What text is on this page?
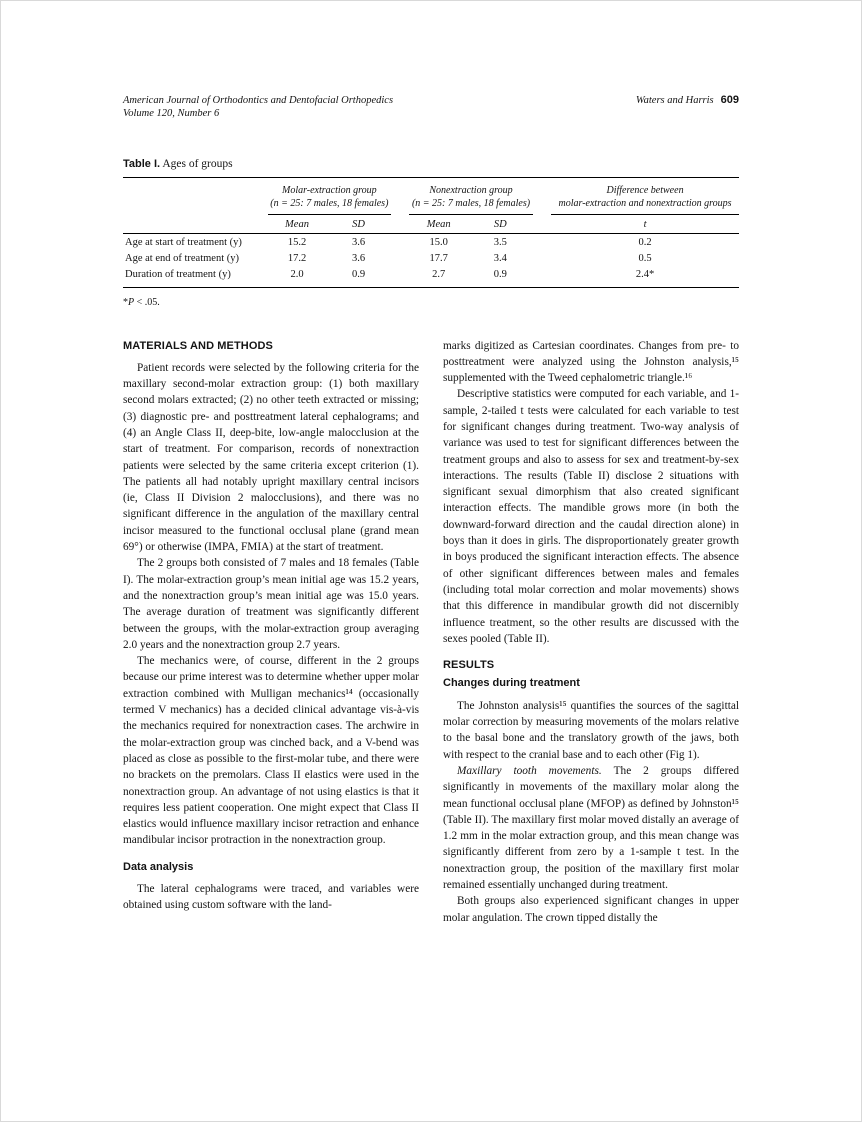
American Journal of Orthodontics and Dentofacial Orthopedics
Volume 120, Number 6
Waters and Harris 609
Table I. Ages of groups

Molar-extraction group
(n = 25: 7 males, 18 females)

Nonextraction group
(n = 25: 7 males, 18 females)

Difference between
molar-extraction and nonextraction groups

	Mean	SD		Mean	SD		t
Age at start of treatment (y)	15.2	3.6		15.0	3.5		0.2
Age at end of treatment (y)	17.2	3.6		17.7	3.4		0.5
Duration of treatment (y)	2.0	0.9		2.7	0.9		2.4*
*P < .05.
MATERIALS AND METHODS

Patient records were selected by the following criteria for the maxillary second-molar extraction group: (1) both maxillary second molars extracted; (2) no other teeth extracted or missing; (3) diagnostic pre- and posttreatment lateral cephalograms; and (4) an Angle Class II, deep-bite, low-angle malocclusion at the start of treatment. For comparison, records of nonextraction patients were selected by the same criteria except criterion (1). The patients all had notably upright maxillary central incisors (ie, Class II Division 2 malocclusions), and there was no significant difference in the angulation of the maxillary central incisor measured to the functional occlusal plane (grand mean 69°) or otherwise (IMPA, FMIA) at the start of treatment.

The 2 groups both consisted of 7 males and 18 females (Table I). The molar-extraction group’s mean initial age was 15.2 years, and the nonextraction group’s mean initial age was 15.0 years. The average duration of treatment was significantly different between the groups, with the molar-extraction group averaging 2.0 years and the nonextraction group 2.7 years.

The mechanics were, of course, different in the 2 groups because our prime interest was to determine whether upper molar extraction combined with Mulligan mechanics¹⁴ (occasionally termed V mechanics) has a decided clinical advantage vis-à-vis the mechanics required for nonextraction cases. The archwire in the molar-extraction group was cinched back, and a V-bend was placed as close as possible to the first-molar tube, and there were no brackets on the premolars. Class II elastics were used in the nonextraction group. An advantage of not using elastics is that it requires less patient cooperation. One might expect that Class II elastics would influence maxillary incisor retraction and enhance mandibular incisor protraction in the nonextraction group.

Data analysis

The lateral cephalograms were traced, and variables were obtained using custom software with the land-

marks digitized as Cartesian coordinates. Changes from pre- to posttreatment were analyzed using the Johnston analysis,¹⁵ supplemented with the Tweed cephalometric triangle.¹⁶

Descriptive statistics were computed for each variable, and 1-sample, 2-tailed t tests were calculated for each variable to test for significant changes during treatment. Two-way analysis of variance was used to test for significant differences between the treatment groups and also to assess for sex and treatment-by-sex interactions. The results (Table II) disclose 2 situations with significant sexual dimorphism that also created significant interaction effects. The mandible grows more (in both the downward-forward direction and the caudal direction alone) in boys than it does in girls. The disproportionately greater growth in boys produced the significant interaction effects. The absence of other significant differences between males and females (including total molar correction and molar movements) shows that this difference in mandibular growth did not discernibly influence treatment, so the other results are discussed with the sexes pooled (Table II).

RESULTS
Changes during treatment

The Johnston analysis¹⁵ quantifies the sources of the sagittal molar correction by measuring movements of the molars relative to the basal bone and the translatory growth of the jaws, both with respect to the cranial base and to each other (Fig 1).

Maxillary tooth movements. The 2 groups differed significantly in movements of the maxillary molar along the mean functional occlusal plane (MFOP) as defined by Johnston¹⁵ (Table II). The maxillary first molar moved distally an average of 1.2 mm in the molar extraction group, and this mean change was significantly different from zero by a 1-sample t test. In the nonextraction group, the position of the maxillary first molar remained essentially unchanged during treatment.

Both groups also experienced significant changes in upper molar angulation. The crown tipped distally the
